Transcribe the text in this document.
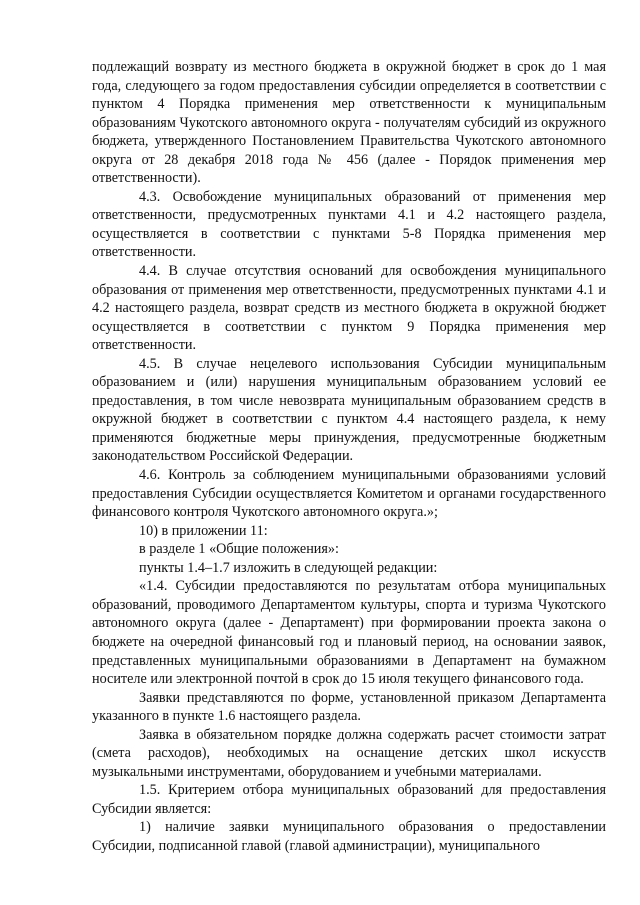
подлежащий возврату из местного бюджета в окружной бюджет в срок до 1 мая года, следующего за годом предоставления субсидии определяется в соответствии с пунктом 4 Порядка применения мер ответственности к муниципальным образованиям Чукотского автономного округа - получателям субсидий из окружного бюджета, утвержденного Постановлением Правительства Чукотского автономного округа от 28 декабря 2018 года № 456 (далее - Порядок применения мер ответственности).

4.3. Освобождение муниципальных образований от применения мер ответственности, предусмотренных пунктами 4.1 и 4.2 настоящего раздела, осуществляется в соответствии с пунктами 5-8 Порядка применения мер ответственности.

4.4. В случае отсутствия оснований для освобождения муниципального образования от применения мер ответственности, предусмотренных пунктами 4.1 и 4.2 настоящего раздела, возврат средств из местного бюджета в окружной бюджет осуществляется в соответствии с пунктом 9 Порядка применения мер ответственности.

4.5. В случае нецелевого использования Субсидии муниципальным образованием и (или) нарушения муниципальным образованием условий ее предоставления, в том числе невозврата муниципальным образованием средств в окружной бюджет в соответствии с пунктом 4.4 настоящего раздела, к нему применяются бюджетные меры принуждения, предусмотренные бюджетным законодательством Российской Федерации.

4.6. Контроль за соблюдением муниципальными образованиями условий предоставления Субсидии осуществляется Комитетом и органами государственного финансового контроля Чукотского автономного округа.»;

10) в приложении 11:

в разделе 1 «Общие положения»:

пункты 1.4–1.7 изложить в следующей редакции:

«1.4. Субсидии предоставляются по результатам отбора муниципальных образований, проводимого Департаментом культуры, спорта и туризма Чукотского автономного округа (далее - Департамент) при формировании проекта закона о бюджете на очередной финансовый год и плановый период, на основании заявок, представленных муниципальными образованиями в Департамент на бумажном носителе или электронной почтой в срок до 15 июля текущего финансового года.

Заявки представляются по форме, установленной приказом Департамента указанного в пункте 1.6 настоящего раздела.

Заявка в обязательном порядке должна содержать расчет стоимости затрат (смета расходов), необходимых на оснащение детских школ искусств музыкальными инструментами, оборудованием и учебными материалами.

1.5. Критерием отбора муниципальных образований для предоставления Субсидии является:

1) наличие заявки муниципального образования о предоставлении Субсидии, подписанной главой (главой администрации), муниципального
